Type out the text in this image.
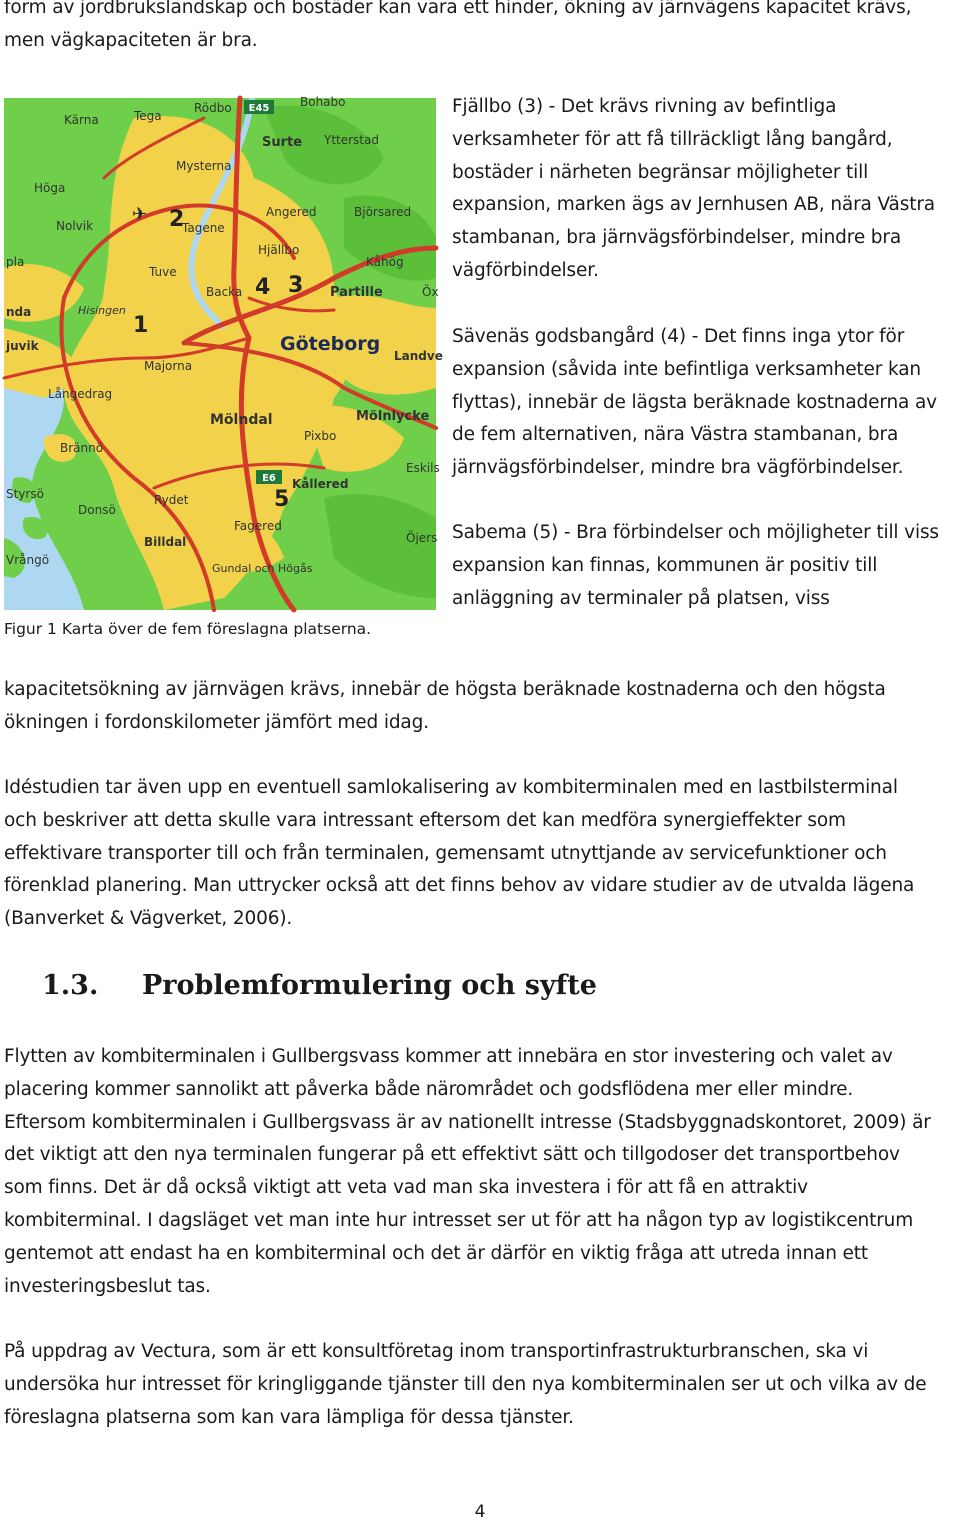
form av jordbrukslandskap och bostäder kan vara ett hinder, ökning av järnvägens kapacitet krävs,
men vägkapaciteten är bra.

E45
E6
✈
1
2
3
4
5
Rödbo	Bohabo
Kärna	Tega
Surte Ytterstad
Mysterna
Höga
Nolvik
Angered	Björsared
Tagene
Hjällbo
Kåhög
pla
Tuve
Backa	Partille	Öx
Hisingen
nda
Göteborg
juvik
Landve
Majorna
Långedrag
Mölndal	Mölnlycke
Brännö
Pixbo
Eskils
Kållered
Styrsö	Rydet
Donsö
Billdal
Fagered
Öjers
Vrångö
Gundal och Högås
Figur 1 Karta över de fem föreslagna platserna.

Fjällbo (3) - Det krävs rivning av befintliga
verksamheter för att få tillräckligt lång bangård,
bostäder i närheten begränsar möjligheter till
expansion, marken ägs av Jernhusen AB, nära Västra
stambanan, bra järnvägsförbindelser, mindre bra
vägförbindelser.

Sävenäs godsbangård (4) - Det finns inga ytor för
expansion (såvida inte befintliga verksamheter kan
flyttas), innebär de lägsta beräknade kostnaderna av
de fem alternativen, nära Västra stambanan, bra
järnvägsförbindelser, mindre bra vägförbindelser.

Sabema (5) - Bra förbindelser och möjligheter till viss
expansion kan finnas, kommunen är positiv till
anläggning av terminaler på platsen, viss

kapacitetsökning av järnvägen krävs, innebär de högsta beräknade kostnaderna och den högsta
ökningen i fordonskilometer jämfört med idag.

Idéstudien tar även upp en eventuell samlokalisering av kombiterminalen med en lastbilsterminal
och beskriver att detta skulle vara intressant eftersom det kan medföra synergieffekter som
effektivare transporter till och från terminalen, gemensamt utnyttjande av servicefunktioner och
förenklad planering. Man uttrycker också att det finns behov av vidare studier av de utvalda lägena
(Banverket & Vägverket, 2006).

1.3. Problemformulering och syfte

Flytten av kombiterminalen i Gullbergsvass kommer att innebära en stor investering och valet av
placering kommer sannolikt att påverka både närområdet och godsflödena mer eller mindre.
Eftersom kombiterminalen i Gullbergsvass är av nationellt intresse (Stadsbyggnadskontoret, 2009) är
det viktigt att den nya terminalen fungerar på ett effektivt sätt och tillgodoser det transportbehov
som finns. Det är då också viktigt att veta vad man ska investera i för att få en attraktiv
kombiterminal. I dagsläget vet man inte hur intresset ser ut för att ha någon typ av logistikcentrum
gentemot att endast ha en kombiterminal och det är därför en viktig fråga att utreda innan ett
investeringsbeslut tas.

På uppdrag av Vectura, som är ett konsultföretag inom transportinfrastrukturbranschen, ska vi
undersöka hur intresset för kringliggande tjänster till den nya kombiterminalen ser ut och vilka av de
föreslagna platserna som kan vara lämpliga för dessa tjänster.

4
